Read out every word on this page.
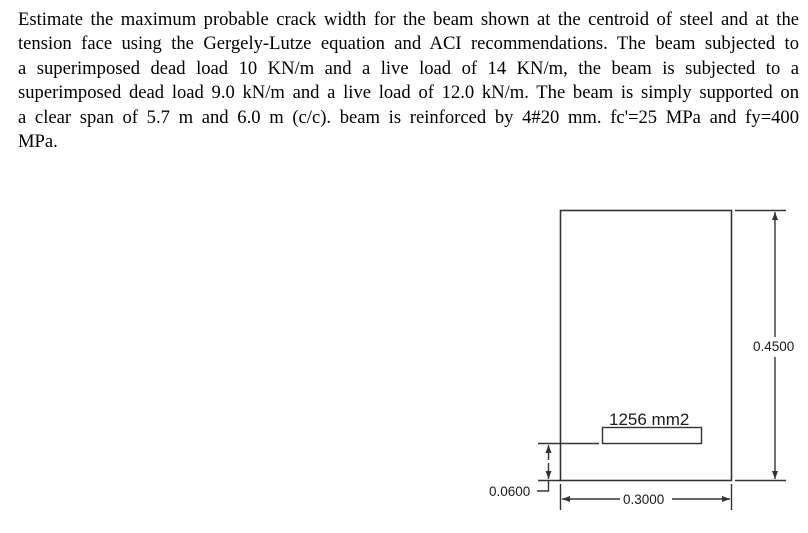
Estimate the maximum probable crack width for the beam shown at the centroid of steel and at the
tension face using the Gergely-Lutze equation and ACI recommendations. The beam subjected to
a superimposed dead load 10 KN/m and a live load of 14 KN/m, the beam is subjected to a
superimposed dead load 9.0 kN/m and a live load of 12.0 kN/m. The beam is simply supported on
a clear span of 5.7 m and 6.0 m (c/c). beam is reinforced by 4#20 mm. fc'=25 MPa and fy=400
MPa.
1256 mm2
0.4500
0.3000
0.0600
